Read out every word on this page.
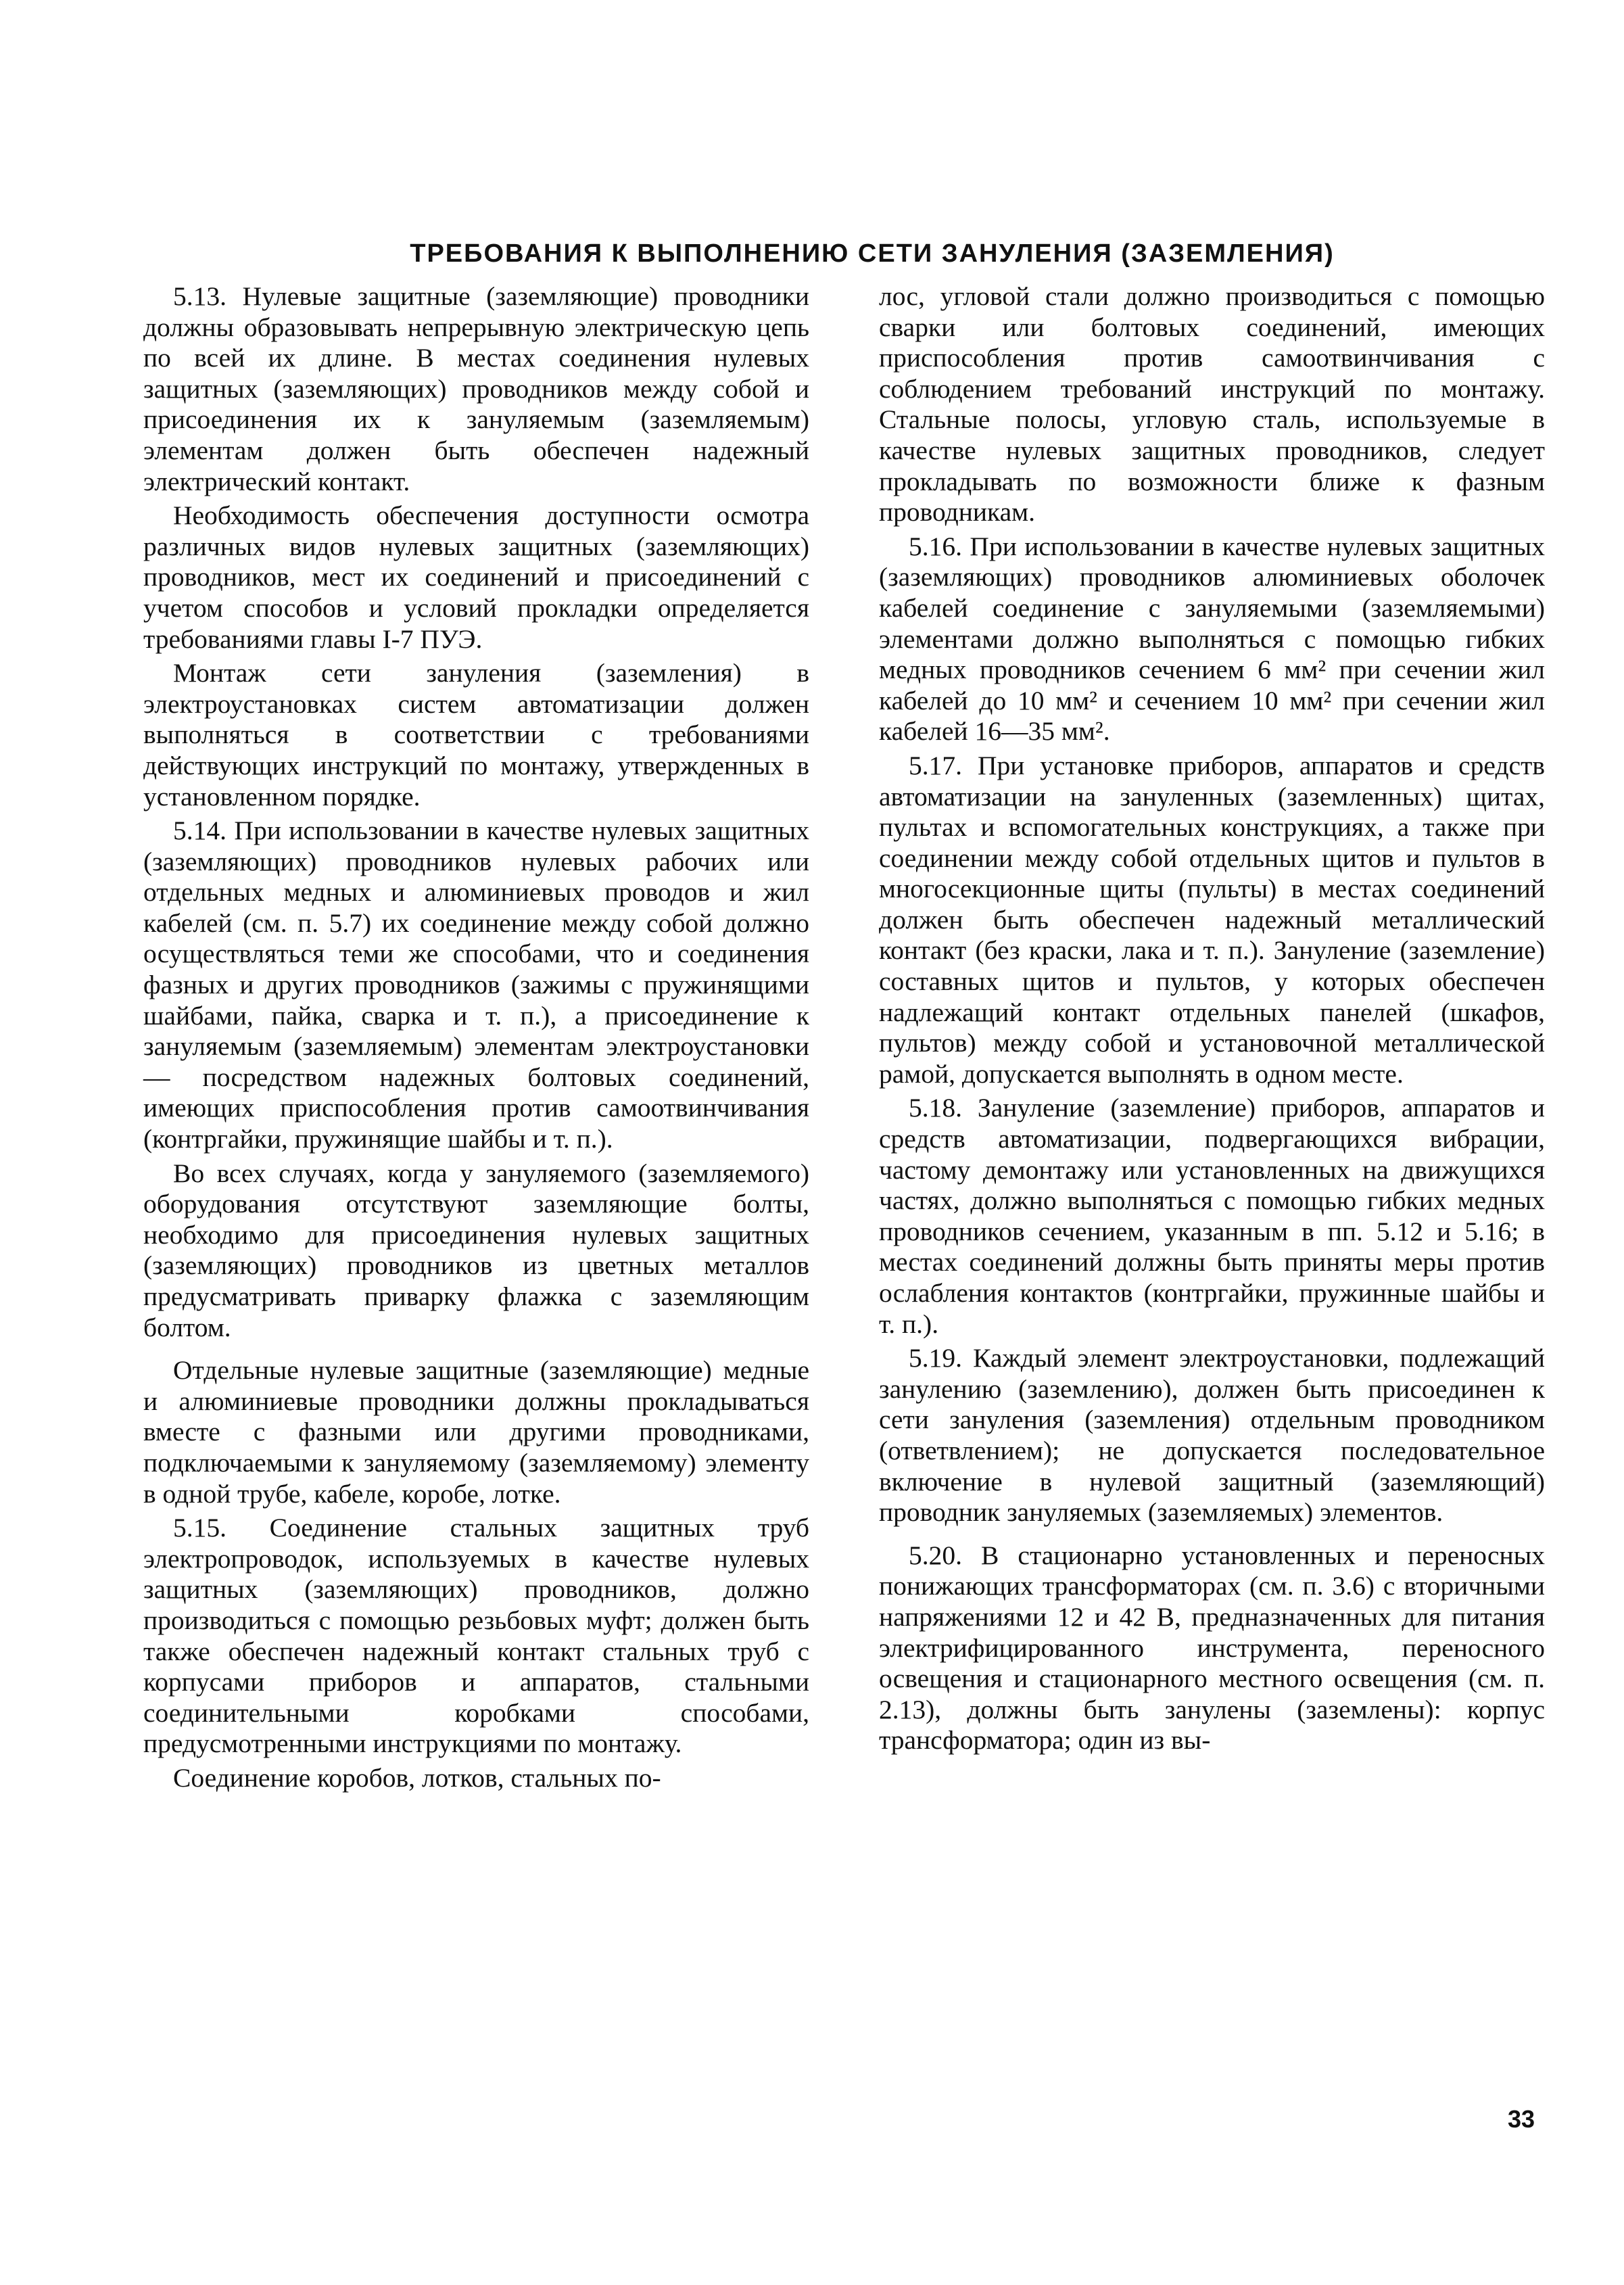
ТРЕБОВАНИЯ К ВЫПОЛНЕНИЮ СЕТИ ЗАНУЛЕНИЯ (ЗАЗЕМЛЕНИЯ)

5.13. Нулевые защитные (заземляющие) проводники должны образовывать непрерывную электрическую цепь по всей их длине. В местах соединения нулевых защитных (заземляющих) проводников между собой и присоединения их к зануляемым (заземляемым) элементам должен быть обеспечен надежный электрический контакт.

Необходимость обеспечения доступности осмотра различных видов нулевых защитных (заземляющих) проводников, мест их соединений и присоединений с учетом способов и условий прокладки определяется требованиями главы I-7 ПУЭ.

Монтаж сети зануления (заземления) в электроустановках систем автоматизации должен выполняться в соответствии с требованиями действующих инструкций по монтажу, утвержденных в установленном порядке.

5.14. При использовании в качестве нулевых защитных (заземляющих) проводников нулевых рабочих или отдельных медных и алюминиевых проводов и жил кабелей (см. п. 5.7) их соединение между собой должно осуществляться теми же способами, что и соединения фазных и других проводников (зажимы с пружинящими шайбами, пайка, сварка и т. п.), а присоединение к зануляемым (заземляемым) элементам электроустановки — посредством надежных болтовых соединений, имеющих приспособления против самоотвинчивания (контргайки, пружинящие шайбы и т. п.).

Во всех случаях, когда у зануляемого (заземляемого) оборудования отсутствуют заземляющие болты, необходимо для присоединения нулевых защитных (заземляющих) проводников из цветных металлов предусматривать приварку флажка с заземляющим болтом.

Отдельные нулевые защитные (заземляющие) медные и алюминиевые проводники должны прокладываться вместе с фазными или другими проводниками, подключаемыми к зануляемому (заземляемому) элементу в одной трубе, кабеле, коробе, лотке.

5.15. Соединение стальных защитных труб электропроводок, используемых в качестве нулевых защитных (заземляющих) проводников, должно производиться с помощью резьбовых муфт; должен быть также обеспечен надежный контакт стальных труб с корпусами приборов и аппаратов, стальными соединительными коробками способами, предусмотренными инструкциями по монтажу.

Соединение коробов, лотков, стальных по-

лос, угловой стали должно производиться с помощью сварки или болтовых соединений, имеющих приспособления против самоотвинчивания с соблюдением требований инструкций по монтажу. Стальные полосы, угловую сталь, используемые в качестве нулевых защитных проводников, следует прокладывать по возможности ближе к фазным проводникам.

5.16. При использовании в качестве нулевых защитных (заземляющих) проводников алюминиевых оболочек кабелей соединение с зануляемыми (заземляемыми) элементами должно выполняться с помощью гибких медных проводников сечением 6 мм² при сечении жил кабелей до 10 мм² и сечением 10 мм² при сечении жил кабелей 16—35 мм².

5.17. При установке приборов, аппаратов и средств автоматизации на зануленных (заземленных) щитах, пультах и вспомогательных конструкциях, а также при соединении между собой отдельных щитов и пультов в многосекционные щиты (пульты) в местах соединений должен быть обеспечен надежный металлический контакт (без краски, лака и т. п.). Зануление (заземление) составных щитов и пультов, у которых обеспечен надлежащий контакт отдельных панелей (шкафов, пультов) между собой и установочной металлической рамой, допускается выполнять в одном месте.

5.18. Зануление (заземление) приборов, аппаратов и средств автоматизации, подвергающихся вибрации, частому демонтажу или установленных на движущихся частях, должно выполняться с помощью гибких медных проводников сечением, указанным в пп. 5.12 и 5.16; в местах соединений должны быть приняты меры против ослабления контактов (контргайки, пружинные шайбы и т. п.).

5.19. Каждый элемент электроустановки, подлежащий занулению (заземлению), должен быть присоединен к сети зануления (заземления) отдельным проводником (ответвлением); не допускается последовательное включение в нулевой защитный (заземляющий) проводник зануляемых (заземляемых) элементов.

5.20. В стационарно установленных и переносных понижающих трансформаторах (см. п. 3.6) с вторичными напряжениями 12 и 42 В, предназначенных для питания электрифицированного инструмента, переносного освещения и стационарного местного освещения (см. п. 2.13), должны быть занулены (заземлены): корпус трансформатора; один из вы-

33
